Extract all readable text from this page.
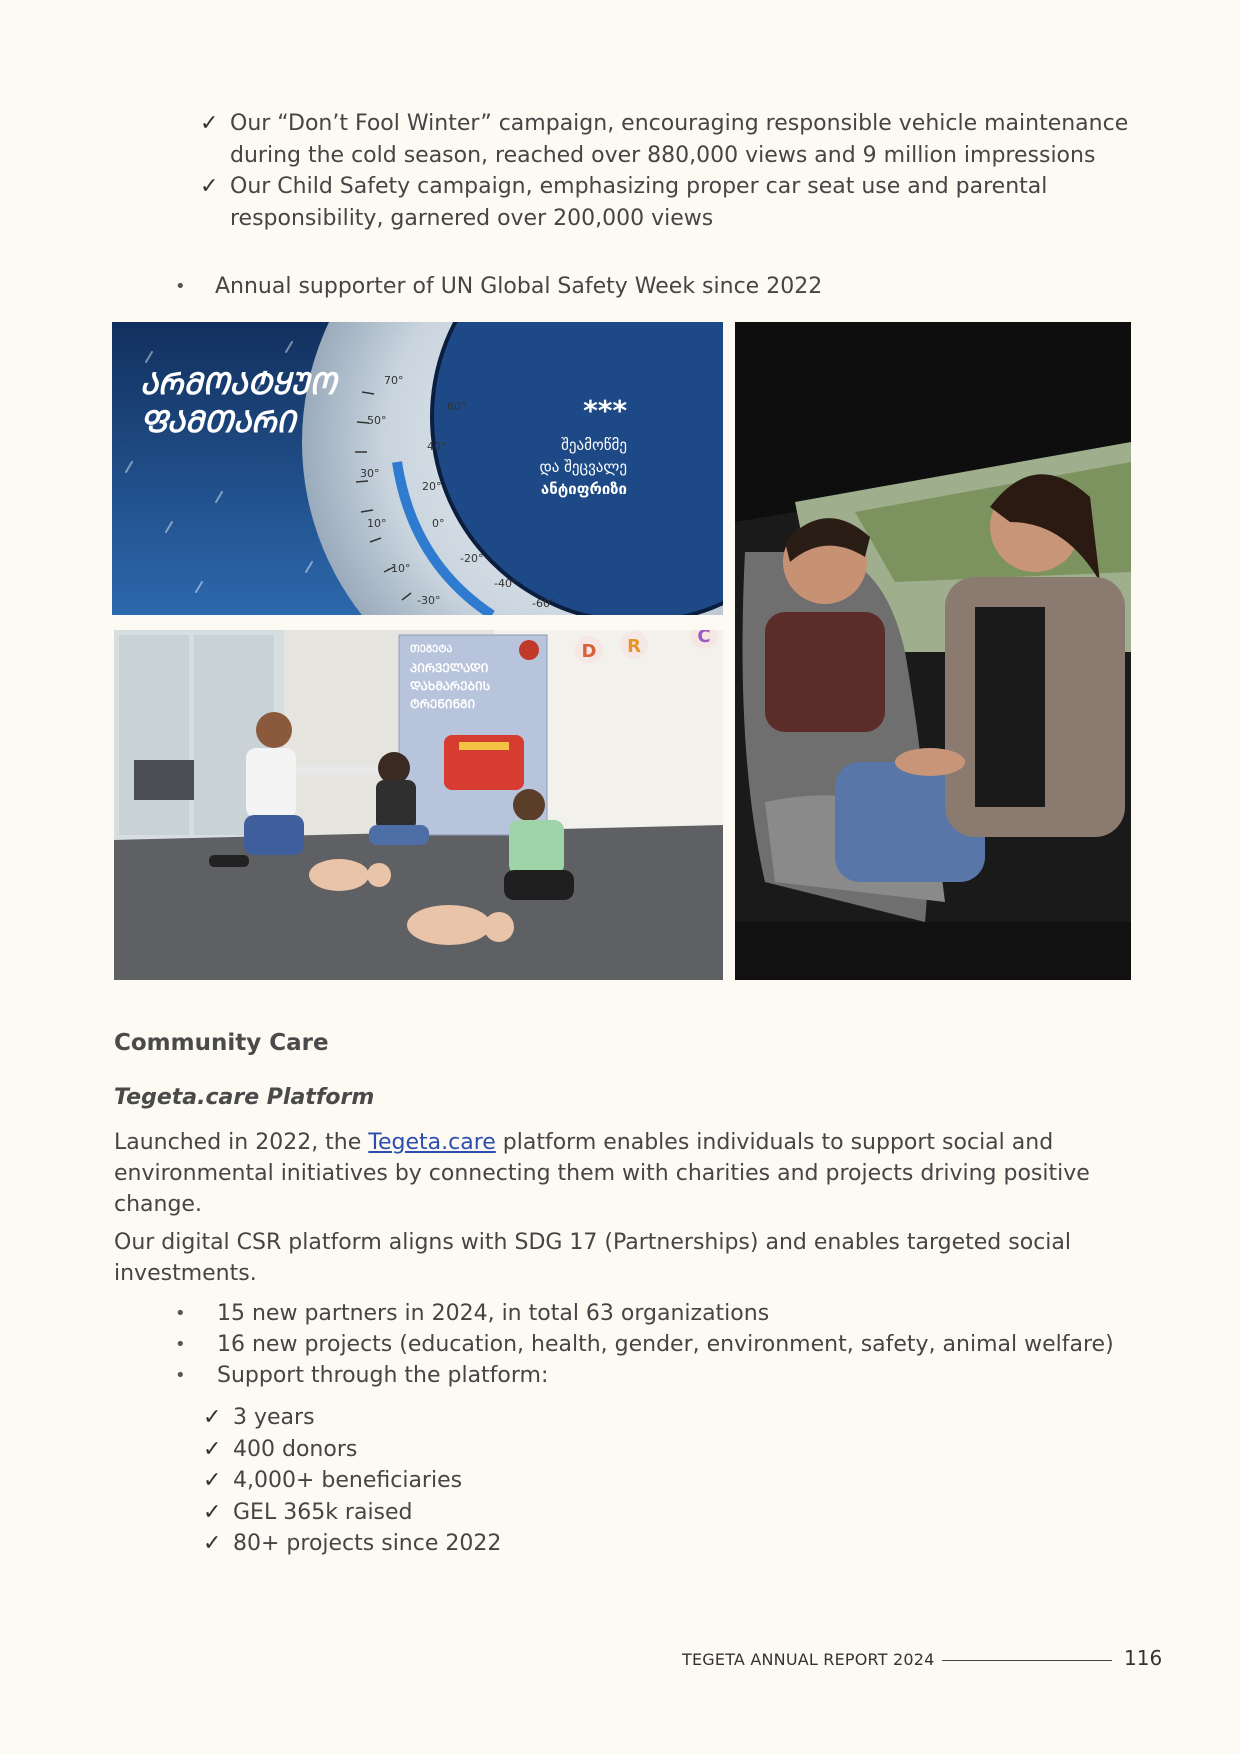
✓ Our “Don’t Fool Winter” campaign, encouraging responsible vehicle maintenance during the cold season, reached over 880,000 views and 9 million impressions
✓ Our Child Safety campaign, emphasizing proper car seat use and parental responsibility, garnered over 200,000 views
• Annual supporter of UN Global Safety Week since 2022
70°
60°
50°
40°
30°
20°
10°	0°
-10°
-20°
-30°
-40°
-60°
ᲐᲠᲛᲝᲐᲢᲧᲣᲝ
ᲤᲐᲛᲗᲐᲠᲘ	***
შეამოწმე
და შეცვალე
ანტიფრიზი
ᲗᲔᲒᲔᲢᲐ
ᲞᲘᲠᲕᲔᲚᲐᲓᲘ
ᲓᲐᲮᲛᲐᲠᲔᲑᲘᲡ
ᲢᲠᲔᲜᲘᲜᲒᲘ
D R	C
Community Care
Tegeta.care Platform

Launched in 2022, the Tegeta.care platform enables individuals to support social and environmental initiatives by connecting them with charities and projects driving positive change.

Our digital CSR platform aligns with SDG 17 (Partnerships) and enables targeted social investments.

• 15 new partners in 2024, in total 63 organizations
• 16 new projects (education, health, gender, environment, safety, animal welfare)
• Support through the platform:
✓ 3 years
✓ 400 donors
✓ 4,000+ beneficiaries
✓ GEL 365k raised
✓ 80+ projects since 2022
TEGETA ANNUAL REPORT 2024	116
